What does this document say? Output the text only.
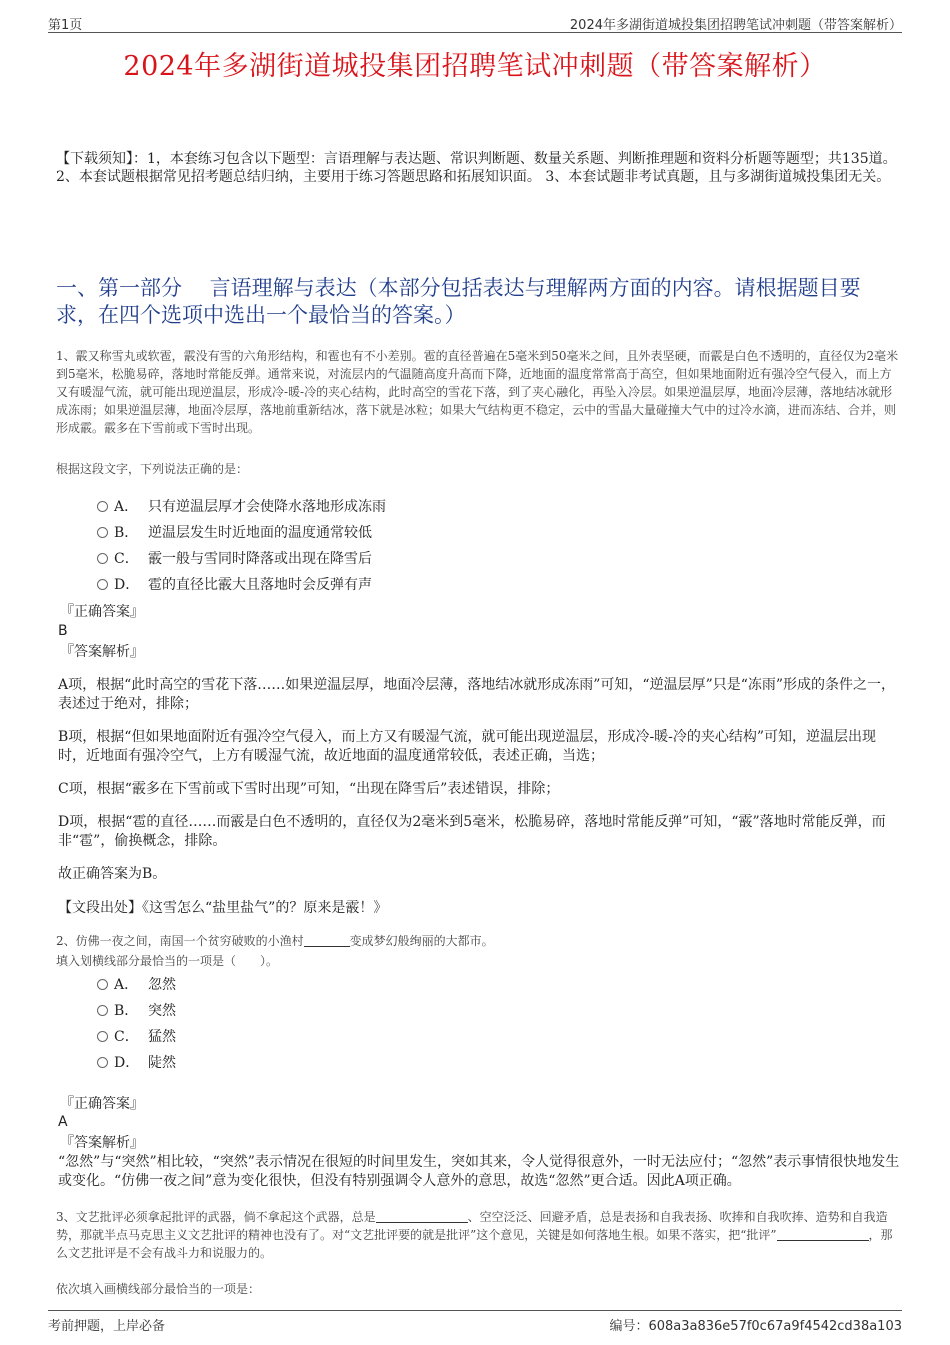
第1页	2024年多湖街道城投集团招聘笔试冲刺题（带答案解析）
2024年多湖街道城投集团招聘笔试冲刺题（带答案解析）
【下载须知】：1，本套练习包含以下题型：言语理解与表达题、常识判断题、数量关系题、判断推理题和资料分析题等题型；共135道。 2、本套试题根据常见招考题总结归纳，主要用于练习答题思路和拓展知识面。 3、本套试题非考试真题，且与多湖街道城投集团无关。
一、第一部分　 言语理解与表达（本部分包括表达与理解两方面的内容。请根据题目要求，在四个选项中选出一个最恰当的答案。）
1、霰又称雪丸或软雹，霰没有雪的六角形结构，和雹也有不小差别。雹的直径普遍在5毫米到50毫米之间，且外表坚硬，而霰是白色不透明的，直径仅为2毫米到5毫米，松脆易碎，落地时常能反弹。通常来说，对流层内的气温随高度升高而下降，近地面的温度常常高于高空，但如果地面附近有强冷空气侵入，而上方又有暖湿气流，就可能出现逆温层，形成冷-暖-冷的夹心结构，此时高空的雪花下落，到了夹心融化，再坠入冷层。如果逆温层厚，地面冷层薄，落地结冰就形成冻雨；如果逆温层薄，地面冷层厚，落地前重新结冰，落下就是冰粒；如果大气结构更不稳定，云中的雪晶大量碰撞大气中的过冷水滴，进而冻结、合并，则形成霰。霰多在下雪前或下雪时出现。
根据这段文字，下列说法正确的是：
A． 只有逆温层厚才会使降水落地形成冻雨
B． 逆温层发生时近地面的温度通常较低
C． 霰一般与雪同时降落或出现在降雪后
D． 雹的直径比霰大且落地时会反弹有声
『正确答案』
B
『答案解析』
A项，根据“此时高空的雪花下落……如果逆温层厚，地面冷层薄，落地结冰就形成冻雨”可知，“逆温层厚”只是“冻雨”形成的条件之一，表述过于绝对，排除；
B项，根据“但如果地面附近有强冷空气侵入，而上方又有暖湿气流，就可能出现逆温层，形成冷-暖-冷的夹心结构”可知，逆温层出现时，近地面有强冷空气，上方有暖湿气流，故近地面的温度通常较低，表述正确，当选；
C项，根据“霰多在下雪前或下雪时出现”可知，“出现在降雪后”表述错误，排除；
D项，根据“雹的直径……而霰是白色不透明的，直径仅为2毫米到5毫米，松脆易碎，落地时常能反弹”可知，“霰”落地时常能反弹，而非“雹”，偷换概念，排除。
故正确答案为B。
【文段出处】《这雪怎么“盐里盐气”的？原来是霰！》
2、仿佛一夜之间，南国一个贫穷破败的小渔村	变成梦幻般绚丽的大都市。
填入划横线部分最恰当的一项是（　　）。
A． 忽然
B． 突然
C． 猛然
D． 陡然
『正确答案』
A
『答案解析』
“忽然”与“突然”相比较，“突然”表示情况在很短的时间里发生，突如其来，令人觉得很意外，一时无法应付；“忽然”表示事情很快地发生或变化。“仿佛一夜之间”意为变化很快，但没有特别强调令人意外的意思，故选“忽然”更合适。因此A项正确。
3、文艺批评必须拿起批评的武器，倘不拿起这个武器，总是	、空空泛泛、回避矛盾，总是表扬和自我表扬、吹捧和自我吹捧、造势和自我造势，那就半点马克思主义文艺批评的精神也没有了。对“文艺批评要的就是批评”这个意见，关键是如何落地生根。如果不落实，把“批评”	，那么文艺批评是不会有战斗力和说服力的。
依次填入画横线部分最恰当的一项是：
考前押题，上岸必备	编号：608a3a836e57f0c67a9f4542cd38a103
